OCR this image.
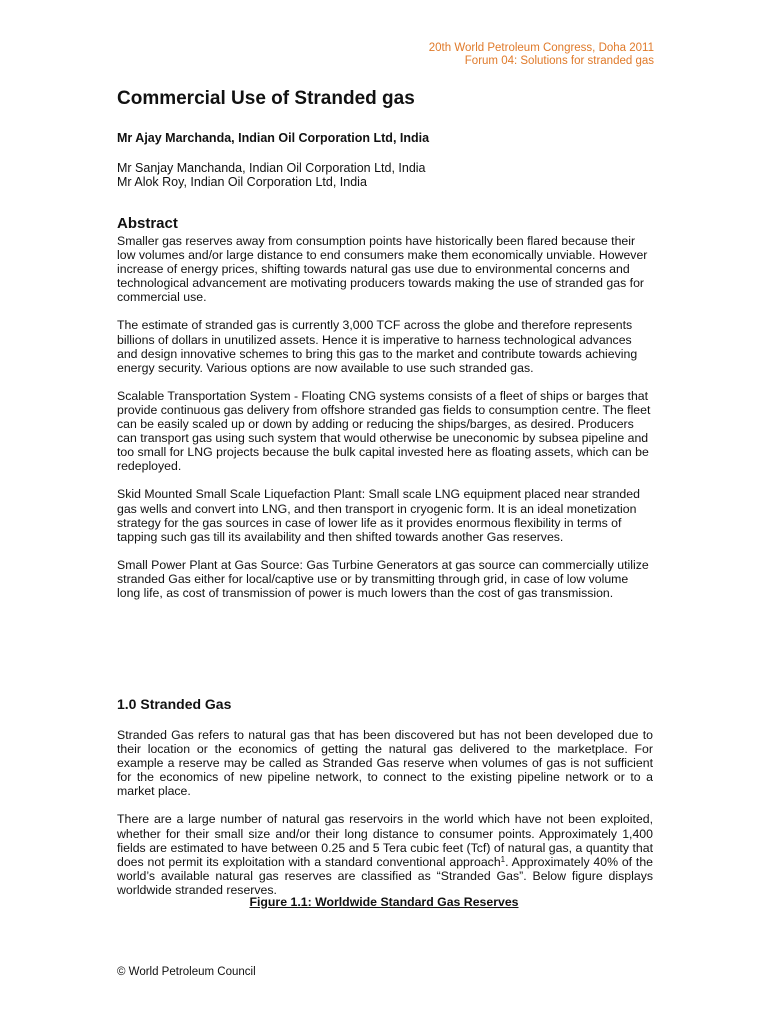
20th World Petroleum Congress, Doha 2011
Forum 04: Solutions for stranded gas
Commercial Use of Stranded gas
Mr Ajay Marchanda, Indian Oil Corporation Ltd, India
Mr Sanjay Manchanda, Indian Oil Corporation Ltd, India
Mr Alok Roy, Indian Oil Corporation Ltd, India
Abstract

Smaller gas reserves away from consumption points have historically been flared because their low volumes and/or large distance to end consumers make them economically unviable. However increase of energy prices, shifting towards natural gas use due to environmental concerns and technological advancement are motivating producers towards making the use of stranded gas for commercial use.

The estimate of stranded gas is currently 3,000 TCF across the globe and therefore represents billions of dollars in unutilized assets. Hence it is imperative to harness technological advances and design innovative schemes to bring this gas to the market and contribute towards achieving energy security. Various options are now available to use such stranded gas.

Scalable Transportation System - Floating CNG systems consists of a fleet of ships or barges that provide continuous gas delivery from offshore stranded gas fields to consumption centre. The fleet can be easily scaled up or down by adding or reducing the ships/barges, as desired. Producers can transport gas using such system that would otherwise be uneconomic by subsea pipeline and too small for LNG projects because the bulk capital invested here as floating assets, which can be redeployed.

Skid Mounted Small Scale Liquefaction Plant: Small scale LNG equipment placed near stranded gas wells and convert into LNG, and then transport in cryogenic form. It is an ideal monetization strategy for the gas sources in case of lower life as it provides enormous flexibility in terms of tapping such gas till its availability and then shifted towards another Gas reserves.

Small Power Plant at Gas Source: Gas Turbine Generators at gas source can commercially utilize stranded Gas either for local/captive use or by transmitting through grid, in case of low volume long life, as cost of transmission of power is much lowers than the cost of gas transmission.

1.0 Stranded Gas

Stranded Gas refers to natural gas that has been discovered but has not been developed due to their location or the economics of getting the natural gas delivered to the marketplace. For example a reserve may be called as Stranded Gas reserve when volumes of gas is not sufficient for the economics of new pipeline network, to connect to the existing pipeline network or to a market place.

There are a large number of natural gas reservoirs in the world which have not been exploited, whether for their small size and/or their long distance to consumer points. Approximately 1,400 fields are estimated to have between 0.25 and 5 Tera cubic feet (Tcf) of natural gas, a quantity that does not permit its exploitation with a standard conventional approach$^1$. Approximately 40% of the world’s available natural gas reserves are classified as “Stranded Gas”. Below figure displays worldwide stranded reserves.

Figure 1.1: Worldwide Standard Gas Reserves
© World Petroleum Council
